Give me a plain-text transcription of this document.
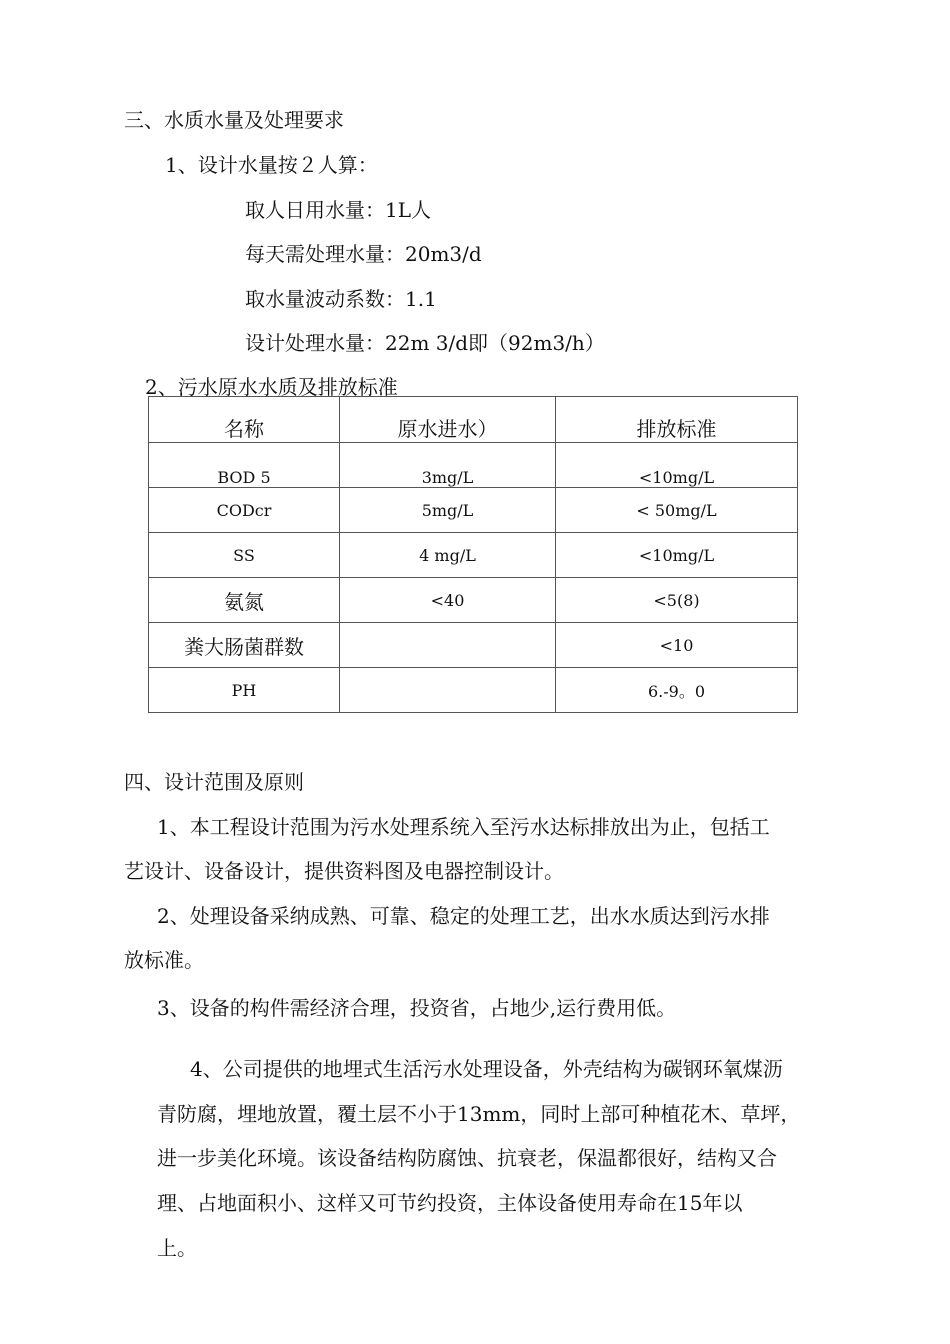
三、水质水量及处理要求
1、设计水量按２人算：
取人日用水量：1L人
每天需处理水量：20m3/d
取水量波动系数：1.1
设计处理水量：22m 3/d即（92m3/h）
2、污水原水水质及排放标准
名称	原水进水）	排放标准
BOD 5	3mg/L	<10mg/L
CODcr	5mg/L	< 50mg/L
SS	4 mg/L	<10mg/L
氨氮	<40	<5(8)
粪大肠菌群数		<10
PH		6.-9。0
四、设计范围及原则
1、本工程设计范围为污水处理系统入至污水达标排放出为止，包括工
艺设计、设备设计，提供资料图及电器控制设计。
2、处理设备采纳成熟、可靠、稳定的处理工艺，出水水质达到污水排
放标准。
3、设备的构件需经济合理，投资省，占地少,运行费用低。
4、公司提供的地埋式生活污水处理设备，外壳结构为碳钢环氧煤沥
青防腐，埋地放置，覆土层不小于13mm，同时上部可种植花木、草坪，
进一步美化环境。该设备结构防腐蚀、抗衰老，保温都很好，结构又合
理、占地面积小、这样又可节约投资，主体设备使用寿命在15年以
上。
